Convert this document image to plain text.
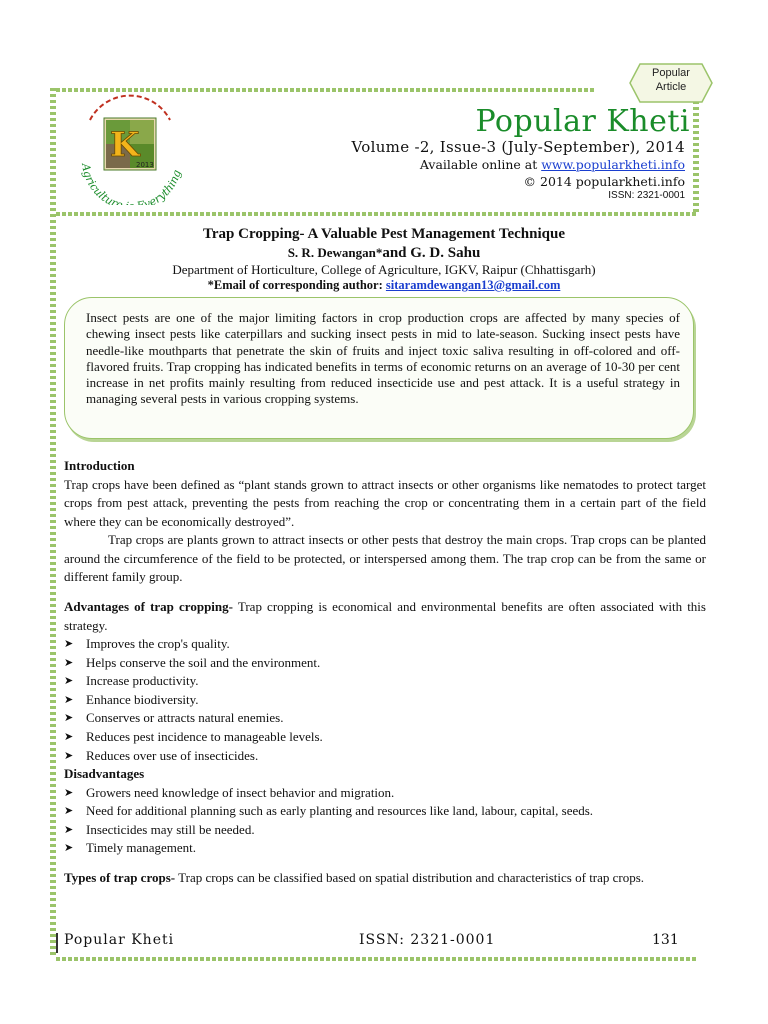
Popular
Article
K
2013
Agriculture verything
Popular Kheti
Volume -2, Issue-3 (July-September), 2014
Available online at www.popularkheti.info
© 2014 popularkheti.info
ISSN: 2321-0001
Trap Cropping- A Valuable Pest Management Technique
S. R. Dewangan*and G. D. Sahu
Department of Horticulture, College of Agriculture, IGKV, Raipur (Chhattisgarh)
*Email of corresponding author: sitaramdewangan13@gmail.com
Insect pests are one of the major limiting factors in crop production crops are affected by many species of chewing insect pests like caterpillars and sucking insect pests in mid to late-season. Sucking insect pests have needle-like mouthparts that penetrate the skin of fruits and inject toxic saliva resulting in off-colored and off-flavored fruits. Trap cropping has indicated benefits in terms of economic returns on an average of 10-30 per cent increase in net profits mainly resulting from reduced insecticide use and pest attack. It is a useful strategy in managing several pests in various cropping systems.
Introduction
Trap crops have been defined as “plant stands grown to attract insects or other organisms like nematodes to protect target crops from pest attack, preventing the pests from reaching the crop or concentrating them in a certain part of the field where they can be economically destroyed”.
Trap crops are plants grown to attract insects or other pests that destroy the main crops. Trap crops can be planted around the circumference of the field to be protected, or interspersed among them. The trap crop can be from the same or different family group.
Advantages of trap cropping- Trap cropping is economical and environmental benefits are often associated with this strategy.
➤ Improves the crop's quality.
➤ Helps conserve the soil and the environment.
➤ Increase productivity.
➤ Enhance biodiversity.
➤ Conserves or attracts natural enemies.
➤ Reduces pest incidence to manageable levels.
➤ Reduces over use of insecticides.
Disadvantages
➤ Growers need knowledge of insect behavior and migration.
➤ Need for additional planning such as early planting and resources like land, labour, capital, seeds.
➤ Insecticides may still be needed.
➤ Timely management.
Types of trap crops- Trap crops can be classified based on spatial distribution and characteristics of trap crops.
Popular Kheti	ISSN: 2321-0001	131
